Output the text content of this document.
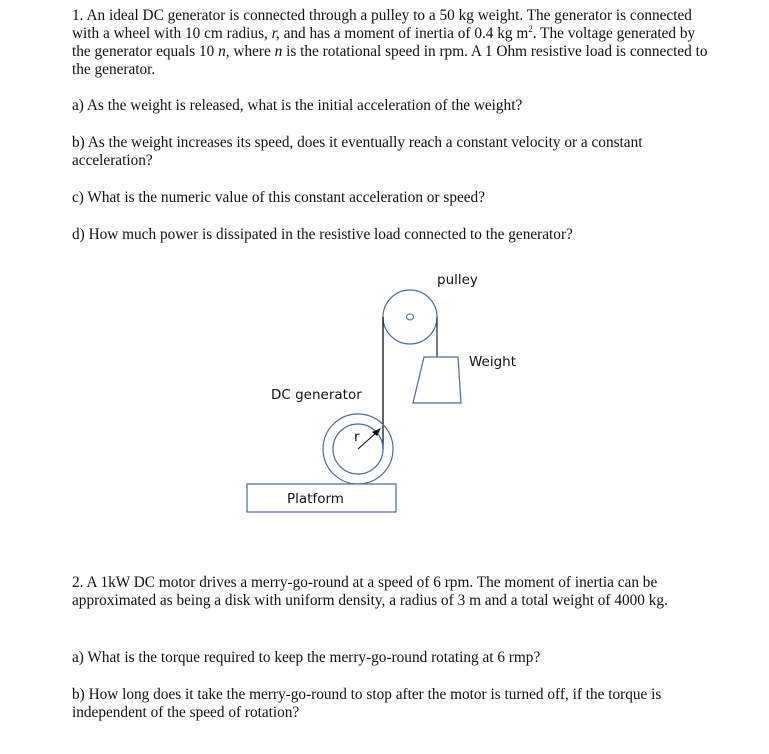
1. An ideal DC generator is connected through a pulley to a 50 kg weight. The generator is connected with a wheel with 10 cm radius, r, and has a moment of inertia of 0.4 kg $m^2$. The voltage generated by the generator equals 10 n, where n is the rotational speed in rpm. A 1 Ohm resistive load is connected to the generator.
a) As the weight is released, what is the initial acceleration of the weight?
b) As the weight increases its speed, does it eventually reach a constant velocity or a constant acceleration?
c) What is the numeric value of this constant acceleration or speed?
d) How much power is dissipated in the resistive load connected to the generator?
pulley
Weight
DC generator
r
Platform
2. A 1kW DC motor drives a merry-go-round at a speed of 6 rpm. The moment of inertia can be approximated as being a disk with uniform density, a radius of 3 m and a total weight of 4000 kg.
a) What is the torque required to keep the merry-go-round rotating at 6 rmp?
b) How long does it take the merry-go-round to stop after the motor is turned off, if the torque is independent of the speed of rotation?
